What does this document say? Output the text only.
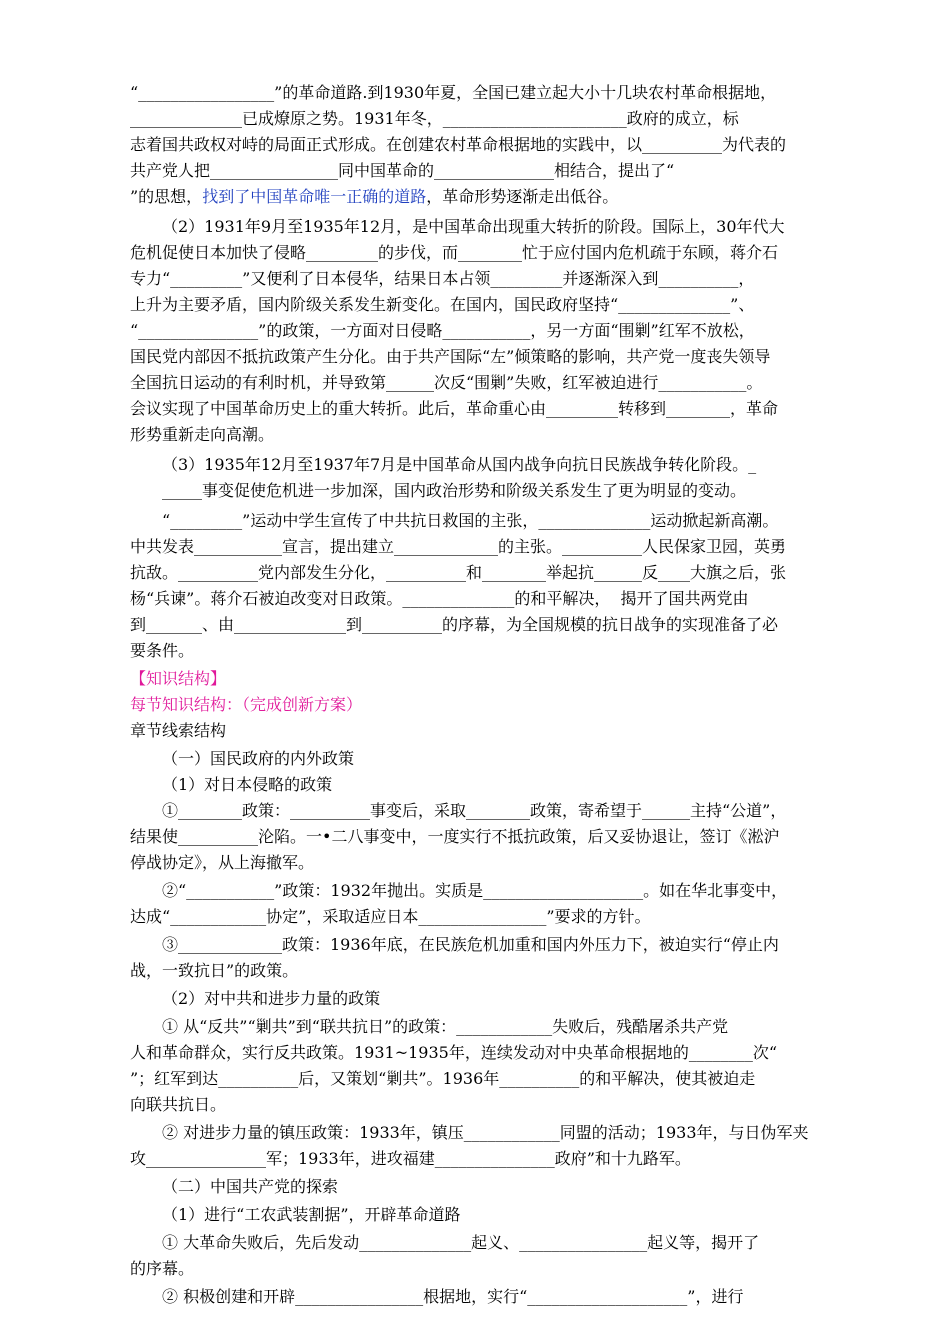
“_________________”的革命道路.到1930年夏，全国已建立起大小十几块农村革命根据地，
______________已成燎原之势。1931年冬，_______________________政府的成立，标
志着国共政权对峙的局面正式形成。在创建农村革命根据地的实践中，以__________为代表的
共产党人把________________同中国革命的_______________相结合，提出了“
”的思想，找到了中国革命唯一正确的道路，革命形势逐渐走出低谷。
（2）1931年9月至1935年12月，是中国革命出现重大转折的阶段。国际上，30年代大
危机促使日本加快了侵略_________的步伐，而________忙于应付国内危机疏于东顾，蒋介石
专力“_________”又便利了日本侵华，结果日本占领_________并逐渐深入到__________，
上升为主要矛盾，国内阶级关系发生新变化。在国内，国民政府坚持“______________”、
“_______________”的政策，一方面对日侵略___________，另一方面“围剿”红军不放松，
国民党内部因不抵抗政策产生分化。由于共产国际“左”倾策略的影响，共产党一度丧失领导
全国抗日运动的有利时机，并导致第______次反“围剿”失败，红军被迫进行___________。
会议实现了中国革命历史上的重大转折。此后，革命重心由_________转移到________，革命
形势重新走向高潮。
（3）1935年12月至1937年7月是中国革命从国内战争向抗日民族战争转化阶段。_
_____事变促使危机进一步加深，国内政治形势和阶级关系发生了更为明显的变动。
“_________”运动中学生宣传了中共抗日救国的主张，______________运动掀起新高潮。
中共发表___________宣言，提出建立_____________的主张。__________人民保家卫园，英勇
抗敌。__________党内部发生分化，__________和________举起抗______反____大旗之后，张
杨“兵谏”。蒋介石被迫改变对日政策。______________的和平解决，  揭开了国共两党由
到_______、由______________到__________的序幕，为全国规模的抗日战争的实现准备了必
要条件。
【知识结构】
每节知识结构：（完成创新方案）
章节线索结构
（一）国民政府的内外政策
（1）对日本侵略的政策
①________政策：__________事变后，采取________政策，寄希望于______主持“公道”，
结果使__________沦陷。一•二八事变中，一度实行不抵抗政策，后又妥协退让，签订《淞沪
停战协定》，从上海撤军。
②“___________”政策：1932年抛出。实质是____________________。如在华北事变中，
达成“____________协定”，采取适应日本________________”要求的方针。
③_____________政策：1936年底，在民族危机加重和国内外压力下，被迫实行“停止内
战，一致抗日”的政策。
（2）对中共和进步力量的政策
① 从“反共”“剿共”到“联共抗日”的政策：____________失败后，残酷屠杀共产党
人和革命群众，实行反共政策。1931~1935年，连续发动对中央革命根据地的________次“
”；红军到达__________后，又策划“剿共”。1936年__________的和平解决，使其被迫走
向联共抗日。
② 对进步力量的镇压政策：1933年，镇压____________同盟的活动；1933年，与日伪军夹
攻_______________军；1933年，进攻福建_______________政府”和十九路军。
（二）中国共产党的探索
（1）进行“工农武装割据”，开辟革命道路
① 大革命失败后，先后发动______________起义、________________起义等，揭开了
的序幕。
② 积极创建和开辟________________根据地，实行“____________________”，进行
